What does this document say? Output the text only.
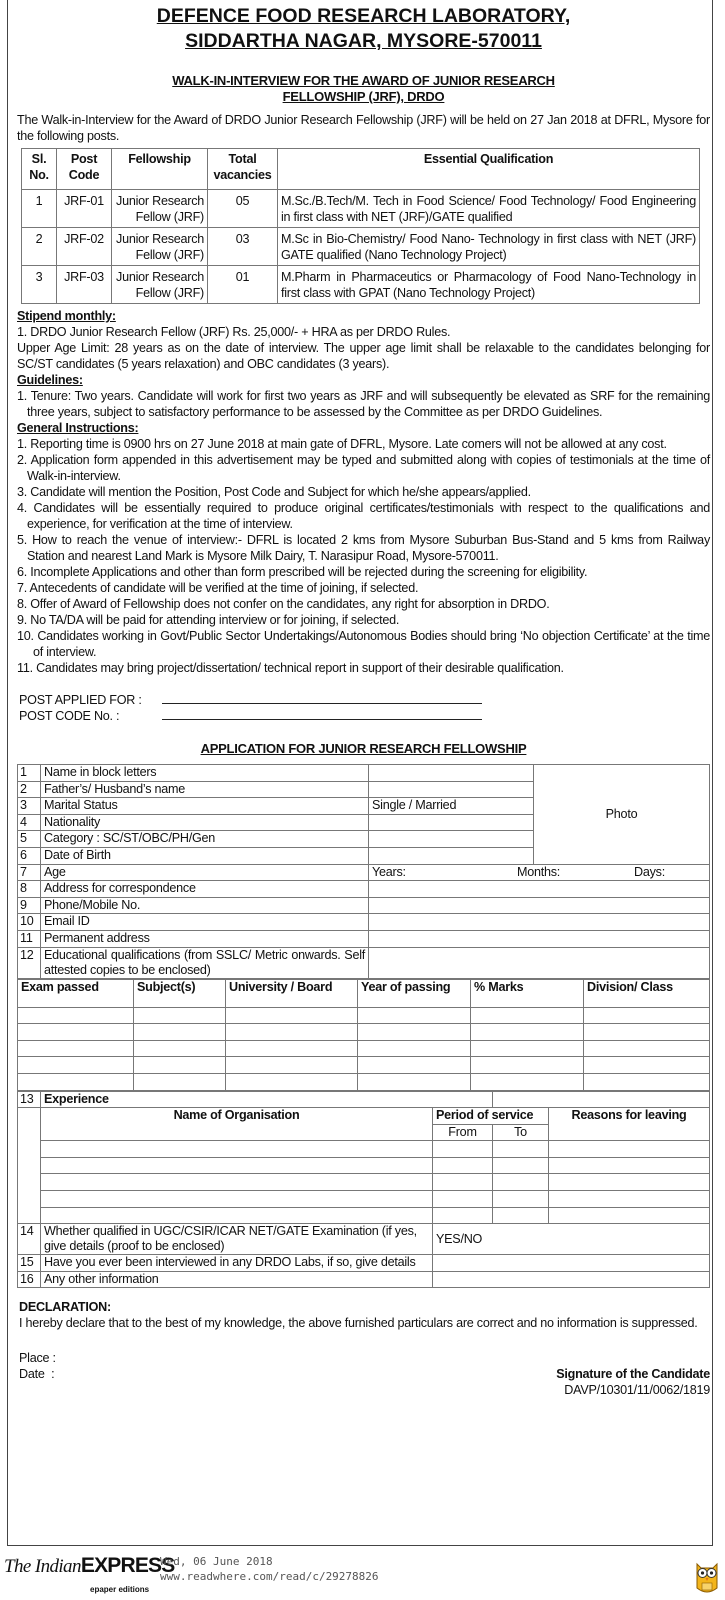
DEFENCE FOOD RESEARCH LABORATORY,
SIDDARTHA NAGAR, MYSORE-570011
WALK-IN-INTERVIEW FOR THE AWARD OF JUNIOR RESEARCH
FELLOWSHIP (JRF), DRDO

The Walk-in-Interview for the Award of DRDO Junior Research Fellowship (JRF) will be held on 27 Jan 2018 at DFRL, Mysore for the following posts.

Sl. No.	Post Code	Fellowship	Total vacancies	Essential Qualification
1	JRF-01	Junior Research Fellow (JRF)	05	M.Sc./B.Tech/M. Tech in Food Science/ Food Technology/ Food Engineering in first class with NET (JRF)/GATE qualified
2	JRF-02	Junior Research Fellow (JRF)	03	M.Sc in Bio-Chemistry/ Food Nano- Technology in first class with NET (JRF) GATE qualified (Nano Technology Project)
3	JRF-03	Junior Research Fellow (JRF)	01	M.Pharm in Pharmaceutics or Pharmacology of Food Nano-Technology in first class with GPAT (Nano Technology Project)
Stipend monthly:

1. DRDO Junior Research Fellow (JRF) Rs. 25,000/- + HRA as per DRDO Rules.

Upper Age Limit: 28 years as on the date of interview. The upper age limit shall be relaxable to the candidates belonging for SC/ST candidates (5 years relaxation) and OBC candidates (3 years).

Guidelines:
1. Tenure: Two years. Candidate will work for first two years as JRF and will subsequently be elevated as SRF for the remaining three years, subject to satisfactory performance to be assessed by the Committee as per DRDO Guidelines.
General Instructions:
1. Reporting time is 0900 hrs on 27 June 2018 at main gate of DFRL, Mysore. Late comers will not be allowed at any cost.
2. Application form appended in this advertisement may be typed and submitted along with copies of testimonials at the time of Walk-in-interview.
3. Candidate will mention the Position, Post Code and Subject for which he/she appears/applied.
4. Candidates will be essentially required to produce original certificates/testimonials with respect to the qualifications and experience, for verification at the time of interview.
5. How to reach the venue of interview:- DFRL is located 2 kms from Mysore Suburban Bus-Stand and 5 kms from Railway Station and nearest Land Mark is Mysore Milk Dairy, T. Narasipur Road, Mysore-570011.
6. Incomplete Applications and other than form prescribed will be rejected during the screening for eligibility.
7. Antecedents of candidate will be verified at the time of joining, if selected.
8. Offer of Award of Fellowship does not confer on the candidates, any right for absorption in DRDO.
9. No TA/DA will be paid for attending interview or for joining, if selected.
10. Candidates working in Govt/Public Sector Undertakings/Autonomous Bodies should bring ‘No objection Certificate’ at the time of interview.
11. Candidates may bring project/dissertation/ technical report in support of their desirable qualification.
POST APPLIED FOR :
POST CODE No. :
APPLICATION FOR JUNIOR RESEARCH FELLOWSHIP
1	Name in block letters		Photo
2	Father’s/ Husband’s name		
3	Marital Status	Single / Married	
4	Nationality		
5	Category : SC/ST/OBC/PH/Gen		
6	Date of Birth		
7	Age	Years: Months: Days:	
8	Address for correspondence		
9	Phone/Mobile No.		
10	Email ID		
11	Permanent address		
12	Educational qualifications (from SSLC/ Metric onwards. Self attested copies to be enclosed)		
Exam passed	Subject(s)	University / Board	Year of passing	% Marks	Division/ Class

13	Experience			
	Name of Organisation	Period of service		Reasons for leaving
		From	To	

14	Whether qualified in UGC/CSIR/ICAR NET/GATE Examination (if yes, give details (proof to be enclosed)	YES/NO		
15	Have you ever been interviewed in any DRDO Labs, if so, give details			
16	Any other information			
DECLARATION:

I hereby declare that to the best of my knowledge, the above furnished particulars are correct and no information is suppressed.

Place :
Date  :	Signature of the Candidate
DAVP/10301/11/0062/1819
The IndianEXPRESS
epaper editions
Wed, 06 June 2018
www.readwhere.com/read/c/29278826
